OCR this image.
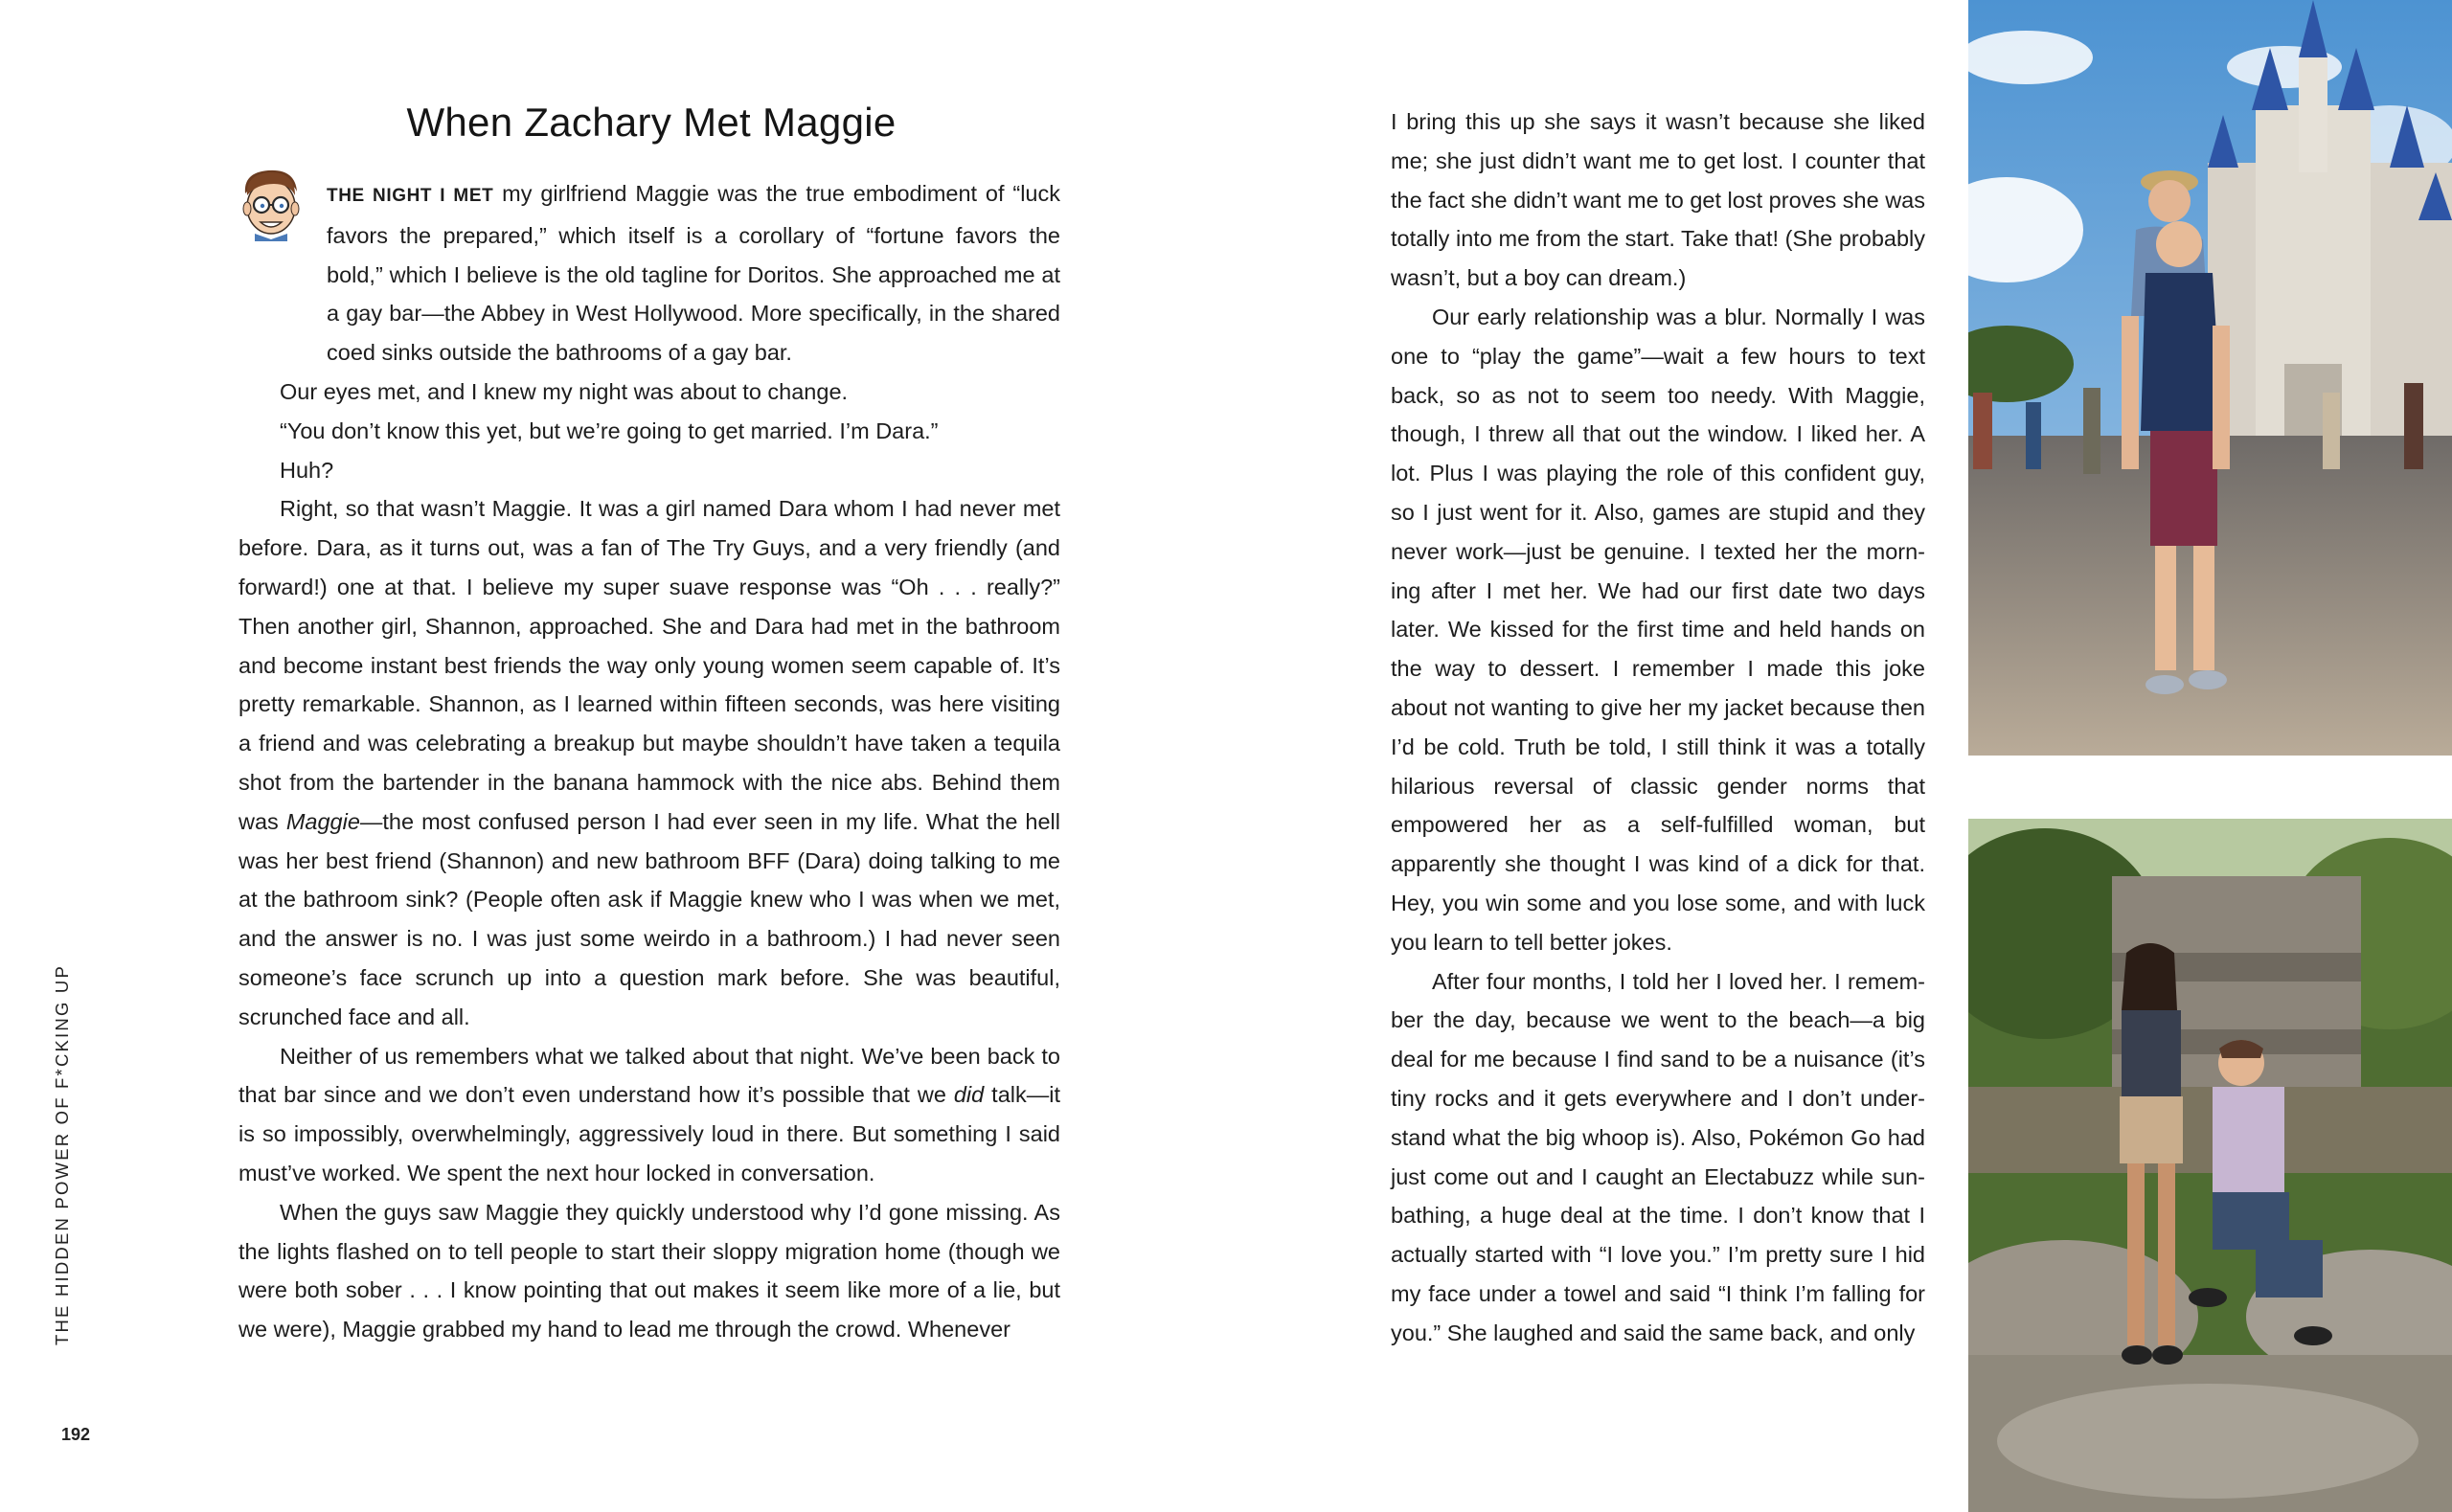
When Zachary Met Maggie

THE NIGHT I MET my girlfriend Maggie was the true embodiment of “luck favors the prepared,” which itself is a corollary of “fortune favors the bold,” which I believe is the old tagline for Doritos. She approached me at a gay bar—the Abbey in West Hollywood. More specifically, in the shared coed sinks outside the bathrooms of a gay bar.

Our eyes met, and I knew my night was about to change.

“You don’t know this yet, but we’re going to get married. I’m Dara.”

Huh?

Right, so that wasn’t Maggie. It was a girl named Dara whom I had never met before. Dara, as it turns out, was a fan of The Try Guys, and a very friendly (and forward!) one at that. I believe my super suave response was “Oh . . . really?” Then another girl, Shannon, approached. She and Dara had met in the bathroom and become instant best friends the way only young women seem capable of. It’s pretty remarkable. Shannon, as I learned within fifteen seconds, was here visiting a friend and was celebrating a breakup but maybe shouldn’t have taken a tequila shot from the bartender in the banana hammock with the nice abs. Behind them was Maggie—the most confused person I had ever seen in my life. What the hell was her best friend (Shannon) and new bathroom BFF (Dara) doing talking to me at the bathroom sink? (People often ask if Maggie knew who I was when we met, and the answer is no. I was just some weirdo in a bathroom.) I had never seen someone’s face scrunch up into a question mark before. She was beautiful, scrunched face and all.

Neither of us remembers what we talked about that night. We’ve been back to that bar since and we don’t even understand how it’s possible that we did talk—it is so impossibly, overwhelmingly, aggressively loud in there. But something I said must’ve worked. We spent the next hour locked in conversation.

When the guys saw Maggie they quickly understood why I’d gone missing. As the lights flashed on to tell people to start their sloppy migration home (though we were both sober . . . I know pointing that out makes it seem like more of a lie, but we were), Maggie grabbed my hand to lead me through the crowd. Whenever

THE HIDDEN POWER OF F*CKING UP
192

I bring this up she says it wasn’t because she liked me; she just didn’t want me to get lost. I counter that the fact she didn’t want me to get lost proves she was totally into me from the start. Take that! (She probably wasn’t, but a boy can dream.)

Our early relationship was a blur. Normally I was one to “play the game”—wait a few hours to text back, so as not to seem too needy. With Maggie, though, I threw all that out the window. I liked her. A lot. Plus I was playing the role of this confident guy, so I just went for it. Also, games are stupid and they never work—just be genuine. I texted her the morning after I met her. We had our first date two days later. We kissed for the first time and held hands on the way to dessert. I remember I made this joke about not wanting to give her my jacket because then I’d be cold. Truth be told, I still think it was a totally hilarious reversal of classic gender norms that empowered her as a self-fulfilled woman, but apparently she thought I was kind of a dick for that. Hey, you win some and you lose some, and with luck you learn to tell better jokes.

After four months, I told her I loved her. I remember the day, because we went to the beach—a big deal for me because I find sand to be a nuisance (it’s tiny rocks and it gets everywhere and I don’t understand what the big whoop is). Also, Pokémon Go had just come out and I caught an Electabuzz while sunbathing, a huge deal at the time. I don’t know that I actually started with “I love you.” I’m pretty sure I hid my face under a towel and said “I think I’m falling for you.” She laughed and said the same back, and only
